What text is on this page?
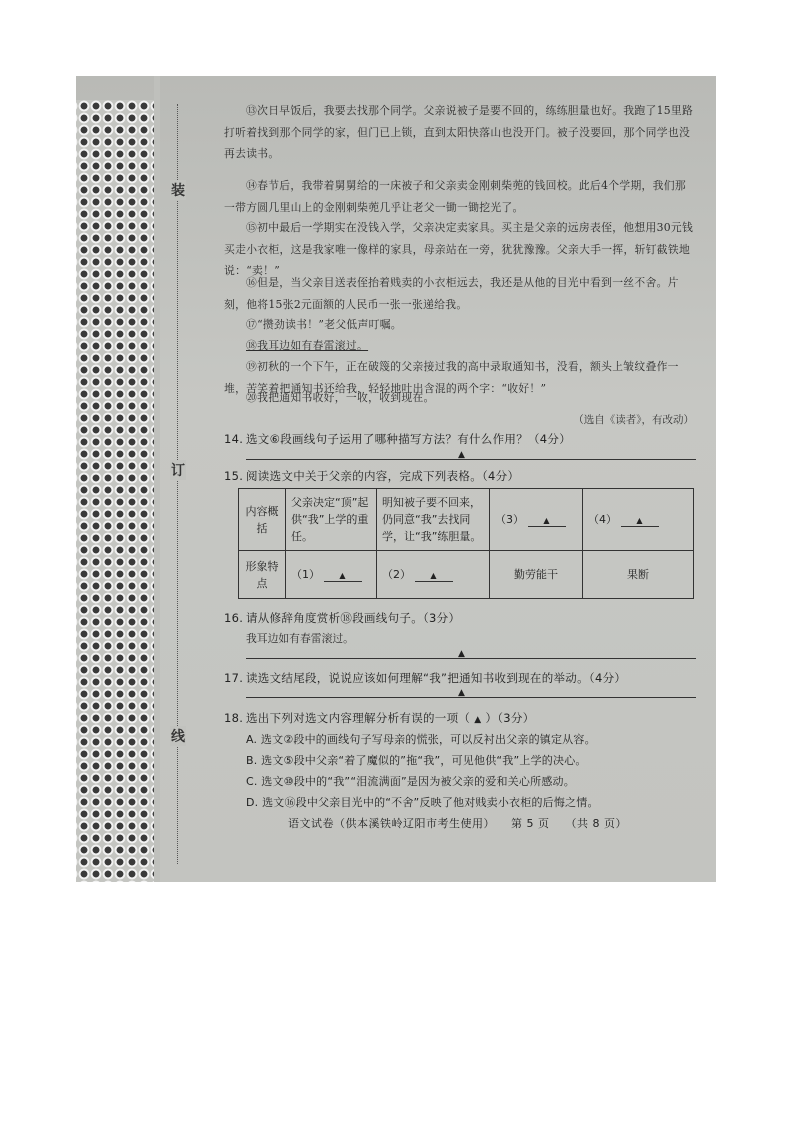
装
订
线

⑬次日早饭后，我要去找那个同学。父亲说被子是要不回的，练练胆量也好。我跑了15里路打听着找到那个同学的家，但门已上锁，直到太阳快落山也没开门。被子没要回，那个同学也没再去读书。

⑭春节后，我带着舅舅给的一床被子和父亲卖金刚刺柴蔸的钱回校。此后4个学期，我们那一带方圆几里山上的金刚刺柴蔸几乎让老父一锄一锄挖光了。

⑮初中最后一学期实在没钱入学，父亲决定卖家具。买主是父亲的远房表侄，他想用30元钱买走小衣柜，这是我家唯一像样的家具，母亲站在一旁，犹犹豫豫。父亲大手一挥，斩钉截铁地说：“卖！”

⑯但是，当父亲目送表侄抬着贱卖的小衣柜远去，我还是从他的目光中看到一丝不舍。片刻，他将15张2元面额的人民币一张一张递给我。

⑰“攒劲读书！”老父低声叮嘱。

⑱我耳边如有春雷滚过。

⑲初秋的一个下午，正在破篾的父亲接过我的高中录取通知书，没看，额头上皱纹叠作一堆，苦笑着把通知书还给我，轻轻地吐出含混的两个字：“收好！”

⑳我把通知书收好，一收，收到现在。

（选自《读者》，有改动）
14. 选文⑥段画线句子运用了哪种描写方法？有什么作用？（4分）
▲
15. 阅读选文中关于父亲的内容，完成下列表格。（4分）
内容概括	父亲决定“顶”起供“我”上学的重任。	明知被子要不回来，仍同意“我”去找同学，让“我”练胆量。	（3） ▲	（4） ▲
形象特点	（1） ▲	（2） ▲	勤劳能干	果断
16. 请从修辞角度赏析⑱段画线句子。（3分）
我耳边如有春雷滚过。
▲
17. 读选文结尾段，说说应该如何理解“我”把通知书收到现在的举动。（4分）
▲
18. 选出下列对选文内容理解分析有误的一项（ ▲ ）（3分）
A. 选文②段中的画线句子写母亲的慌张，可以反衬出父亲的镇定从容。
B. 选文⑤段中父亲“着了魔似的”拖“我”，可见他供“我”上学的决心。
C. 选文⑩段中的“我”“泪流满面”是因为被父亲的爱和关心所感动。
D. 选文⑯段中父亲目光中的“不舍”反映了他对贱卖小衣柜的后悔之情。
语文试卷（供本溪铁岭辽阳市考生使用） 第 5 页 （共 8 页）
